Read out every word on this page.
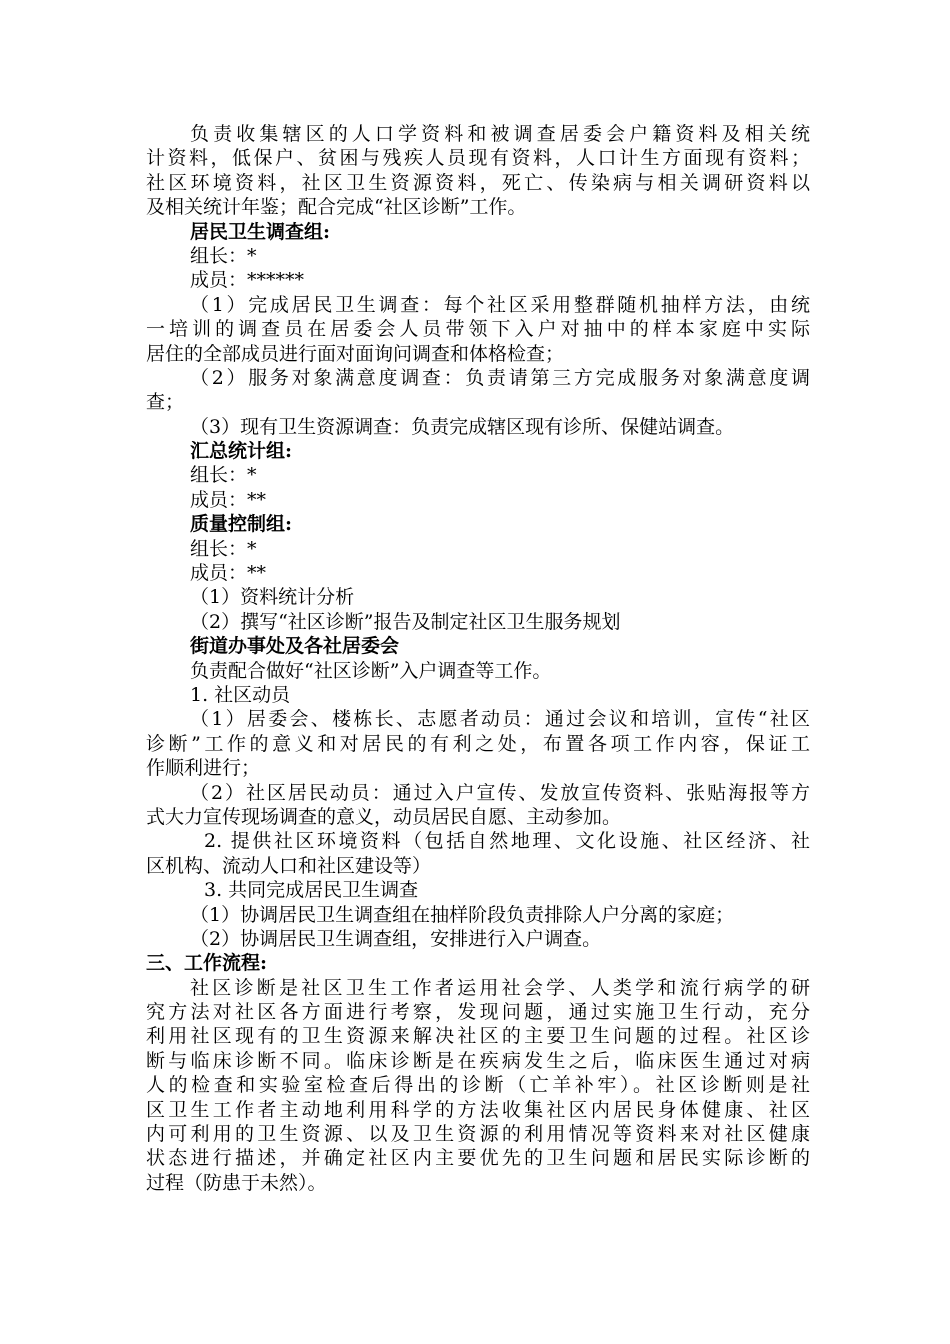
负责收集辖区的人口学资料和被调查居委会户籍资料及相关统
计资料，低保户、贫困与残疾人员现有资料，人口计生方面现有资料；
社区环境资料，社区卫生资源资料，死亡、传染病与相关调研资料以
及相关统计年鉴；配合完成“社区诊断”工作。
居民卫生调查组:
组长：*
成员：******
（1）完成居民卫生调查：每个社区采用整群随机抽样方法，由统
一培训的调查员在居委会人员带领下入户对抽中的样本家庭中实际
居住的全部成员进行面对面询问调查和体格检查；
（2）服务对象满意度调查：负责请第三方完成服务对象满意度调
查；
（3）现有卫生资源调查：负责完成辖区现有诊所、保健站调查。
汇总统计组:
组长：*
成员：**
质量控制组:
组长：*
成员：**
（1）资料统计分析
（2）撰写“社区诊断”报告及制定社区卫生服务规划
街道办事处及各社居委会
负责配合做好“社区诊断”入户调查等工作。
1. 社区动员
（1）居委会、楼栋长、志愿者动员：通过会议和培训，宣传“社区
诊断”工作的意义和对居民的有利之处，布置各项工作内容，保证工
作顺利进行；
（2）社区居民动员：通过入户宣传、发放宣传资料、张贴海报等方
式大力宣传现场调查的意义，动员居民自愿、主动参加。
2. 提供社区环境资料（包括自然地理、文化设施、社区经济、社
区机构、流动人口和社区建设等）
3. 共同完成居民卫生调查
（1）协调居民卫生调查组在抽样阶段负责排除人户分离的家庭；
（2）协调居民卫生调查组，安排进行入户调查。
三、工作流程:
社区诊断是社区卫生工作者运用社会学、人类学和流行病学的研
究方法对社区各方面进行考察，发现问题，通过实施卫生行动，充分
利用社区现有的卫生资源来解决社区的主要卫生问题的过程。社区诊
断与临床诊断不同。临床诊断是在疾病发生之后，临床医生通过对病
人的检查和实验室检查后得出的诊断（亡羊补牢）。社区诊断则是社
区卫生工作者主动地利用科学的方法收集社区内居民身体健康、社区
内可利用的卫生资源、以及卫生资源的利用情况等资料来对社区健康
状态进行描述，并确定社区内主要优先的卫生问题和居民实际诊断的
过程（防患于未然）。
